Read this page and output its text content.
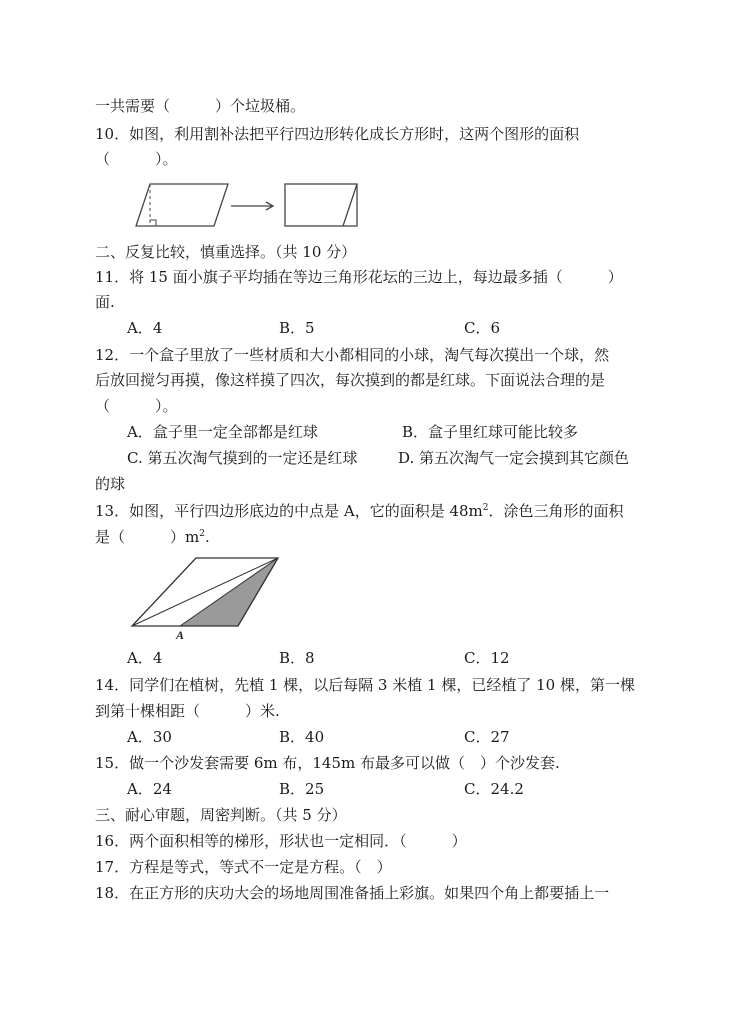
一共需要（　　　）个垃圾桶。
10．如图，利用割补法把平行四边形转化成长方形时，这两个图形的面积
（　　　）。
二、反复比较，慎重选择。（共 10 分）
11．将 15 面小旗子平均插在等边三角形花坛的三边上，每边最多插（　　　）
面.
A．4	B．5	C．6
12．一个盒子里放了一些材质和大小都相同的小球，淘气每次摸出一个球，然
后放回搅匀再摸，像这样摸了四次，每次摸到的都是红球。下面说法合理的是
（　　　）。
A．盒子里一定全部都是红球	B．盒子里红球可能比较多
C. 第五次淘气摸到的一定还是红球	D. 第五次淘气一定会摸到其它颜色
的球
13．如图，平行四边形底边的中点是 A，它的面积是 $48m^2$．涂色三角形的面积
是（　　　）$m^2$.
A
A．4	B．8	C．12
14．同学们在植树，先植 1 棵，以后每隔 3 米植 1 棵，已经植了 10 棵，第一棵
到第十棵相距（　　　）米.
A．30	B．40	C．27
15．做一个沙发套需要 6m 布，145m 布最多可以做（　）个沙发套.
A．24	B．25	C．24.2
三、耐心审题，周密判断。（共 5 分）
16．两个面积相等的梯形，形状也一定相同．（　　　）
17．方程是等式，等式不一定是方程。（　）
18．在正方形的庆功大会的场地周围准备插上彩旗。如果四个角上都要插上一
